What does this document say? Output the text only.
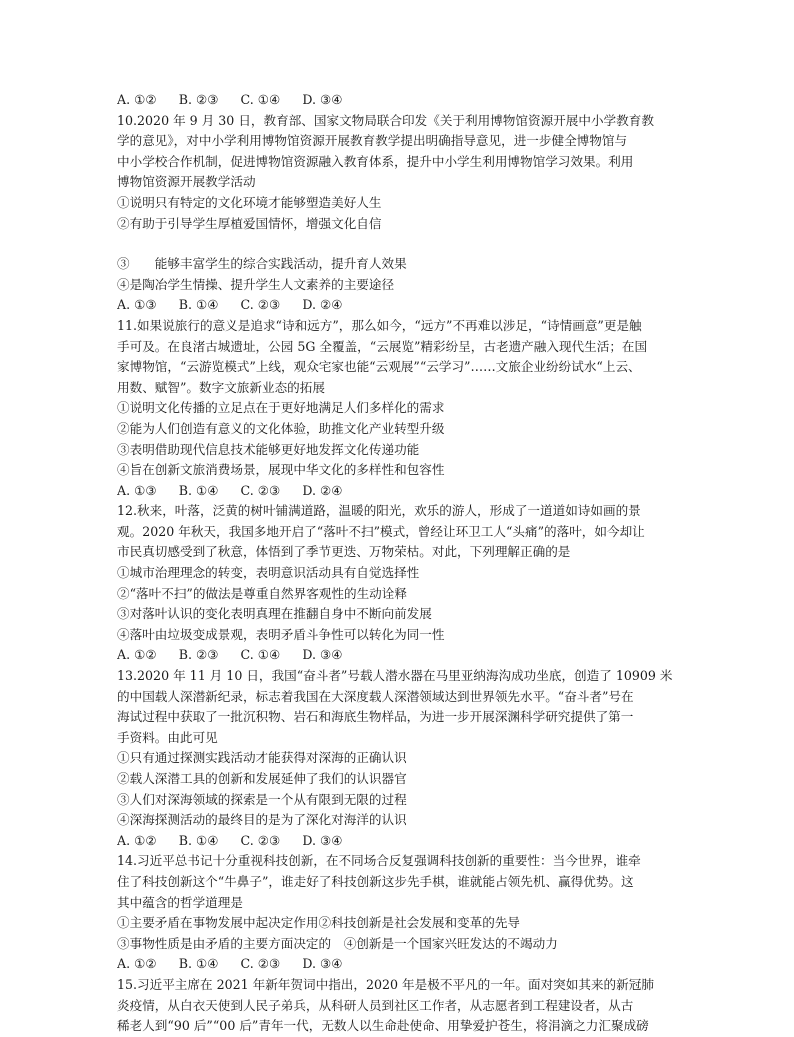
A. ①② B. ②③ C. ①④ D. ③④
10.2020 年 9 月 30 日，教育部、国家文物局联合印发《关于利用博物馆资源开展中小学教育教
学的意见》，对中小学利用博物馆资源开展教育教学提出明确指导意见，进一步健全博物馆与
中小学校合作机制，促进博物馆资源融入教育体系，提升中小学生利用博物馆学习效果。利用
博物馆资源开展教学活动
①说明只有特定的文化环境才能够塑造美好人生
②有助于引导学生厚植爱国情怀，增强文化自信
③　　能够丰富学生的综合实践活动，提升育人效果
④是陶冶学生情操、提升学生人文素养的主要途径
A. ①③ B. ①④ C. ②③ D. ②④
11.如果说旅行的意义是追求“诗和远方”，那么如今，“远方”不再难以涉足，“诗情画意”更是触
手可及。在良渚古城遗址，公园 5G 全覆盖，“云展览”精彩纷呈，古老遗产融入现代生活；在国
家博物馆，“云游览模式”上线，观众宅家也能“云观展”“云学习”……文旅企业纷纷试水“上云、
用数、赋智”。数字文旅新业态的拓展
①说明文化传播的立足点在于更好地满足人们多样化的需求
②能为人们创造有意义的文化体验，助推文化产业转型升级
③表明借助现代信息技术能够更好地发挥文化传递功能
④旨在创新文旅消费场景，展现中华文化的多样性和包容性
A. ①③ B. ①④ C. ②③ D. ②④
12.秋来，叶落，泛黄的树叶铺满道路，温暖的阳光，欢乐的游人，形成了一道道如诗如画的景
观。2020 年秋天，我国多地开启了“落叶不扫”模式，曾经让环卫工人“头痛”的落叶，如今却让
市民真切感受到了秋意，体悟到了季节更迭、万物荣枯。对此，下列理解正确的是
①城市治理理念的转变，表明意识活动具有自觉选择性
②“落叶不扫”的做法是尊重自然界客观性的生动诠释
③对落叶认识的变化表明真理在推翻自身中不断向前发展
④落叶由垃圾变成景观，表明矛盾斗争性可以转化为同一性
A. ①② B. ②③ C. ①④ D. ③④
13.2020 年 11 月 10 日，我国“奋斗者”号载人潜水器在马里亚纳海沟成功坐底，创造了 10909 米
的中国载人深潜新纪录，标志着我国在大深度载人深潜领域达到世界领先水平。“奋斗者”号在
海试过程中获取了一批沉积物、岩石和海底生物样品，为进一步开展深渊科学研究提供了第一
手资料。由此可见
①只有通过探测实践活动才能获得对深海的正确认识
②载人深潜工具的创新和发展延伸了我们的认识器官
③人们对深海领域的探索是一个从有限到无限的过程
④深海探测活动的最终目的是为了深化对海洋的认识
A. ①② B. ①④ C. ②③ D. ③④
14.习近平总书记十分重视科技创新，在不同场合反复强调科技创新的重要性：当今世界，谁牵
住了科技创新这个“牛鼻子”，谁走好了科技创新这步先手棋，谁就能占领先机、赢得优势。这
其中蕴含的哲学道理是
①主要矛盾在事物发展中起决定作用②科技创新是社会发展和变革的先导
③事物性质是由矛盾的主要方面决定的　④创新是一个国家兴旺发达的不竭动力
A. ①② B. ①④ C. ②③ D. ③④
15.习近平主席在 2021 年新年贺词中指出，2020 年是极不平凡的一年。面对突如其来的新冠肺
炎疫情，从白衣天使到人民子弟兵，从科研人员到社区工作者，从志愿者到工程建设者，从古
稀老人到“90 后”“00 后”青年一代，无数人以生命赴使命、用挚爱护苍生，将涓滴之力汇聚成磅
